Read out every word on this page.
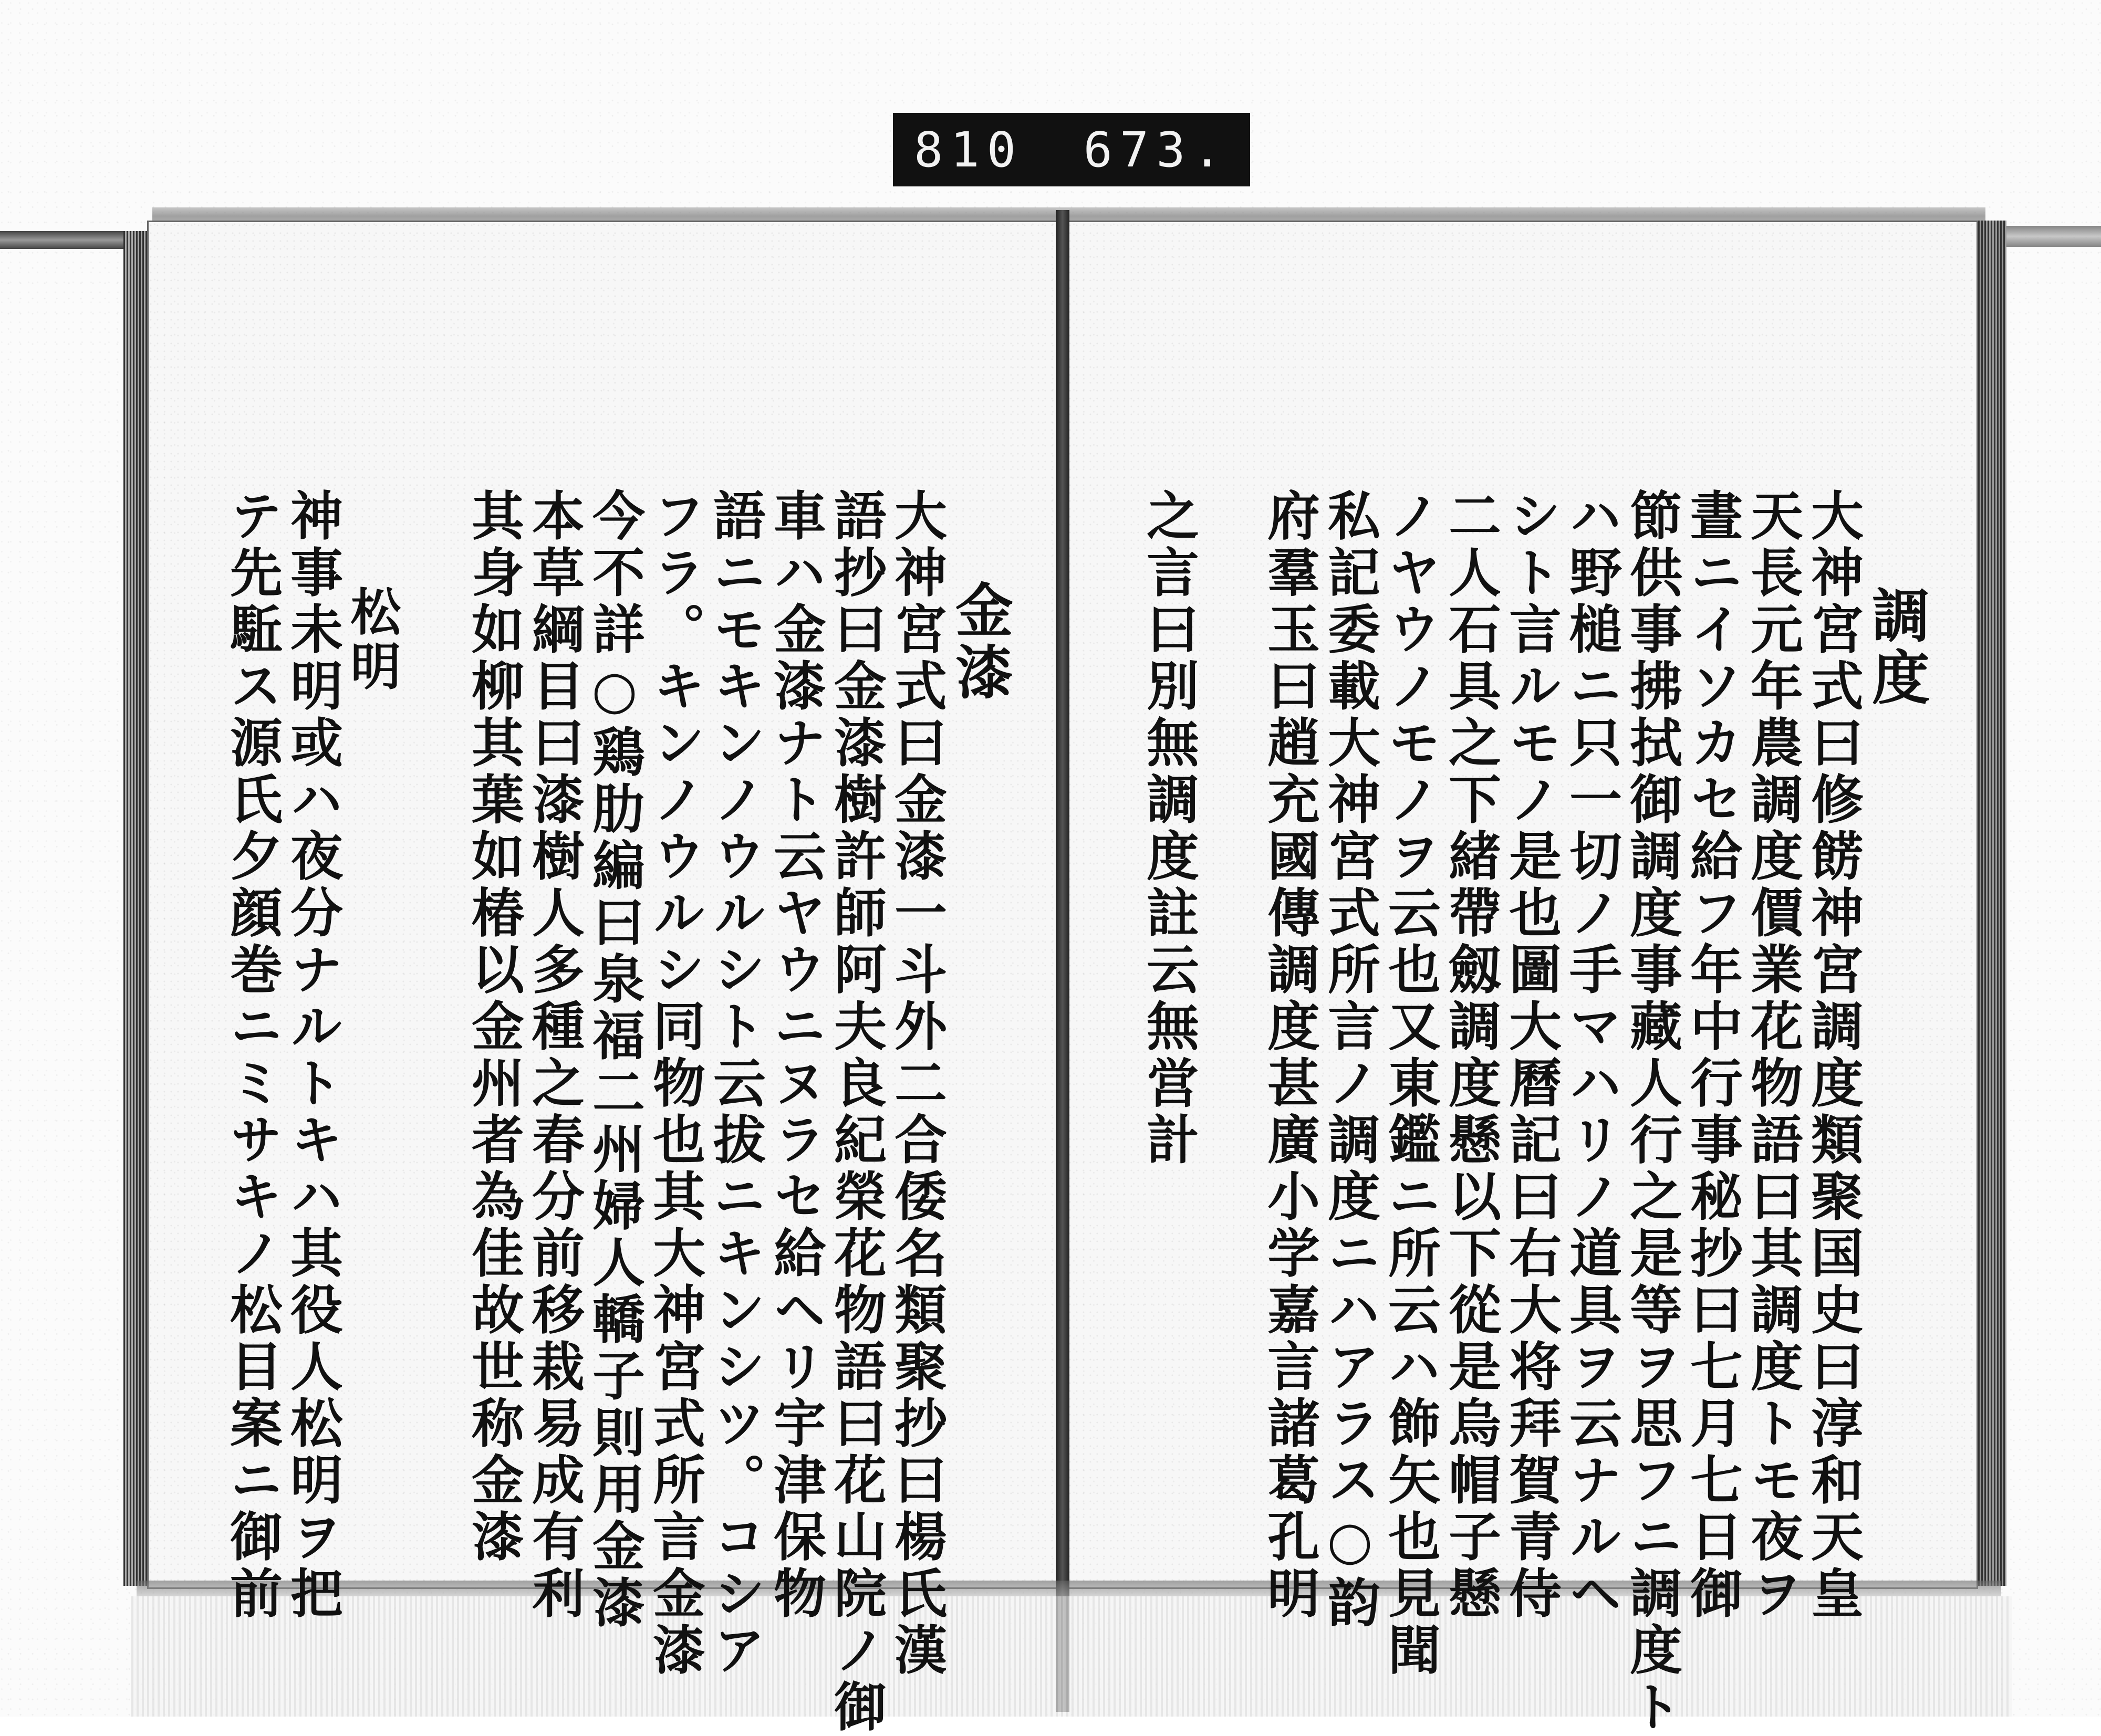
810 673.
調度
大神宮式曰修餝神宮調度類聚国史曰淳和天皇
天長元年農調度價業花物語曰其調度トモ夜ヲ
晝ニイソカセ給フ年中行事秘抄曰七月七日御
節供事拂拭御調度事藏人行之是等ヲ思フニ調度ト
ハ野槌ニ只一切ノ手マハリノ道具ヲ云ナルヘ
シト言ルモノ是也圖大曆記曰右大将拜賀青侍
二人石具之下緒帶劔調度懸以下從是烏帽子懸
ノヤウノモノヲ云也又東鑑ニ所云ハ飾矢也見聞
私記委載大神宮式所言ノ調度ニハアラス○韵
府羣玉曰趙充國傳調度甚廣小学嘉言諸葛孔明
之言曰別無調度註云無営計
金漆
大神宮式曰金漆一斗外二合倭名類聚抄曰楊氏漢
語抄曰金漆樹許師阿夫良紀榮花物語曰花山院ノ御
車ハ金漆ナト云ヤウニヌラセ給ヘリ宇津保物
語ニモキンノウルシト云拔ニキンシツ。コシア
フラ。キンノウルシ同物也其大神宮式所言金漆
今不詳○鶏肋編曰泉福二州婦人轎子則用金漆
本草綱目曰漆樹人多種之春分前移栽易成有利
其身如柳其葉如椿以金州者為佳故世称金漆
松明
神事未明或ハ夜分ナルトキハ其役人松明ヲ把
テ先駈ス源氏夕顔巻ニミサキノ松目案ニ御前
